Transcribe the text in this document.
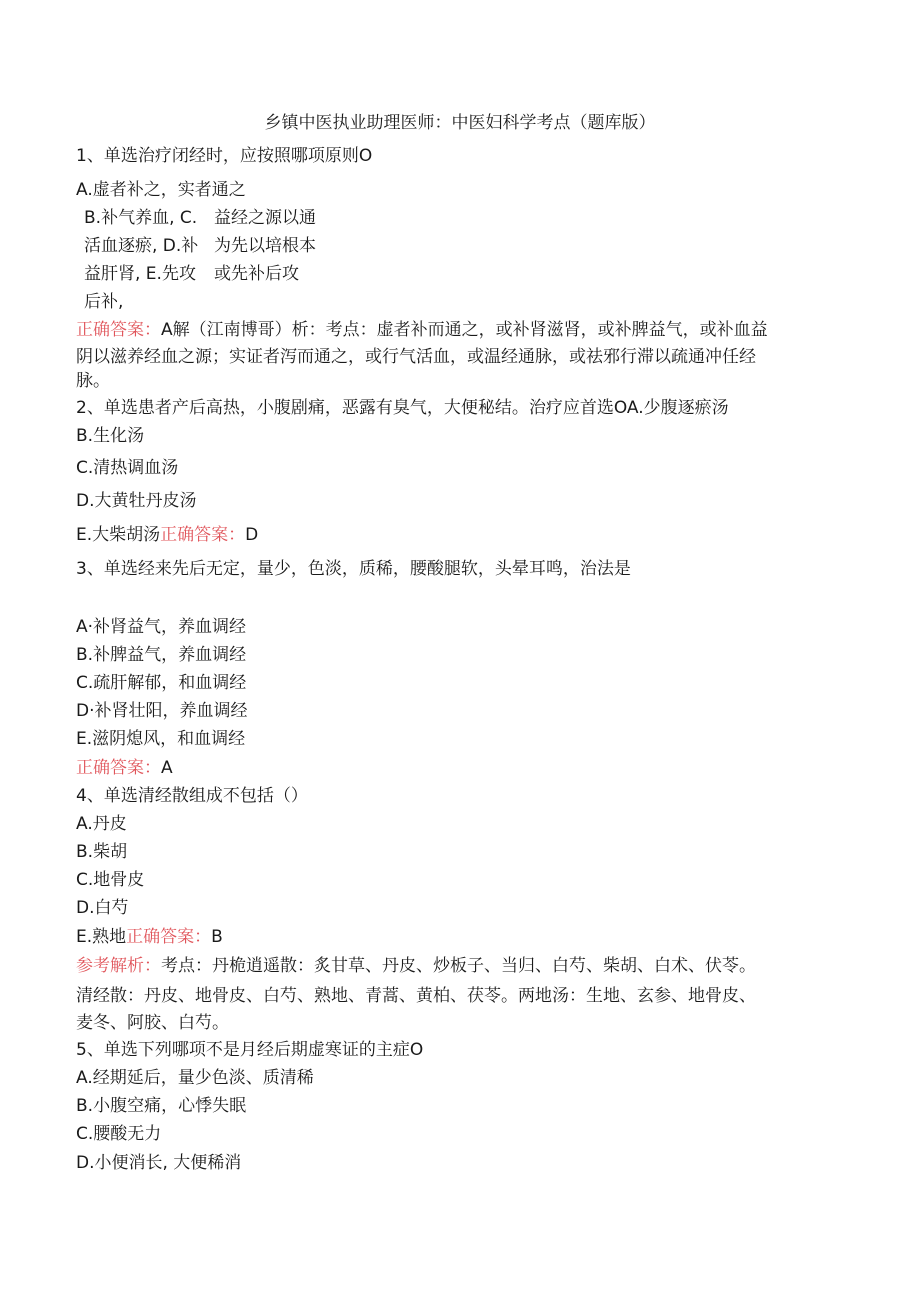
乡镇中医执业助理医师：中医妇科学考点（题库版）
1、单选治疗闭经时，应按照哪项原则O
A.虚者补之，实者通之
B.补气养血, C.
活血逐瘀, D.补
益肝肾, E.先攻
后补,
益经之源以通
为先以培根本
或先补后攻
正确答案：A解（江南博哥）析：考点：虚者补而通之，或补肾滋肾，或补脾益气，或补血益
阴以滋养经血之源；实证者泻而通之，或行气活血，或温经通脉，或祛邪行滞以疏通冲任经
脉。
2、单选患者产后高热，小腹剧痛，恶露有臭气，大便秘结。治疗应首选OA.少腹逐瘀汤
B.生化汤
C.清热调血汤
D.大黄牡丹皮汤
E.大柴胡汤正确答案：D
3、单选经来先后无定，量少，色淡，质稀，腰酸腿软，头晕耳鸣，治法是
A·补肾益气，养血调经
B.补脾益气，养血调经
C.疏肝解郁，和血调经
D·补肾壮阳，养血调经
E.滋阴熄风，和血调经
正确答案：A
4、单选清经散组成不包括（）
A.丹皮
B.柴胡
C.地骨皮
D.白芍
E.熟地正确答案：B
参考解析：考点：丹桅逍遥散：炙甘草、丹皮、炒板子、当归、白芍、柴胡、白术、伏苓。
清经散：丹皮、地骨皮、白芍、熟地、青蒿、黄柏、茯苓。两地汤：生地、玄参、地骨皮、
麦冬、阿胶、白芍。
5、单选下列哪项不是月经后期虚寒证的主症O
A.经期延后，量少色淡、质清稀
B.小腹空痛，心悸失眠
C.腰酸无力
D.小便消长, 大便稀消
